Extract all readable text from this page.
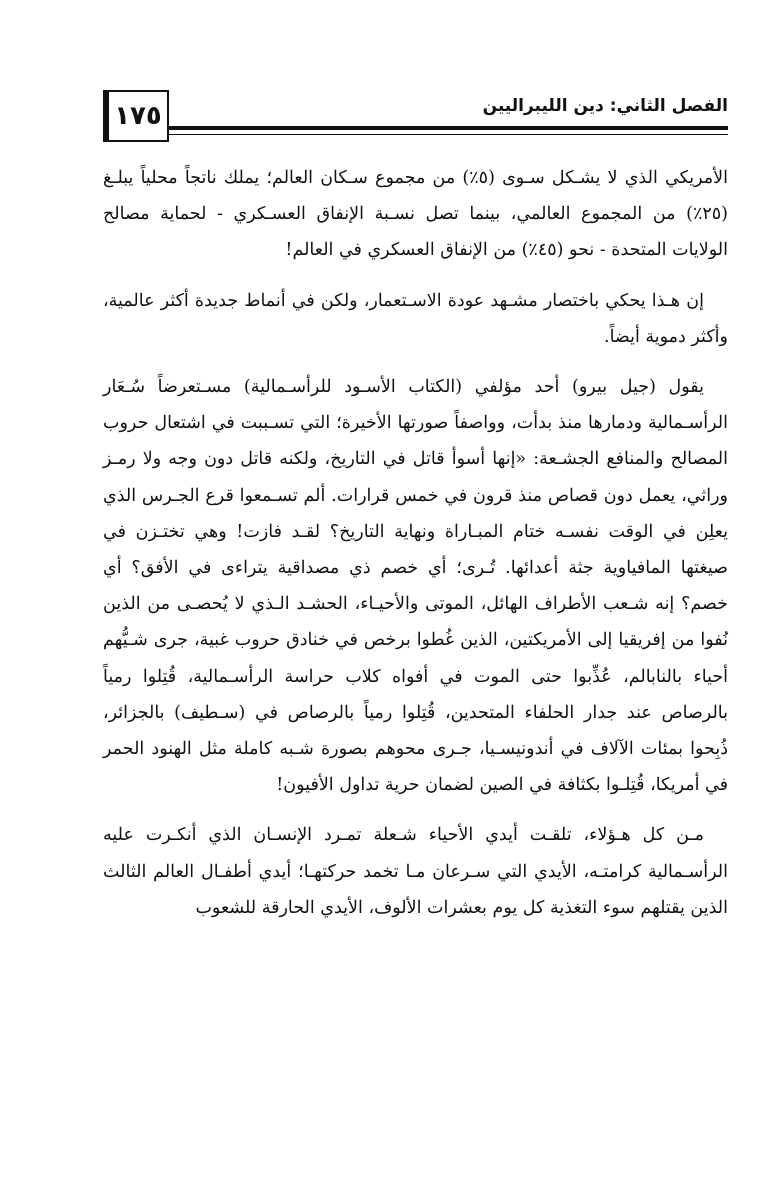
١٧٥	الفصل الثاني: دين الليبراليين

الأمريكي الذي لا يشـكل سـوى (٥٪) من مجموع سـكان العالم؛ يملك ناتجاً محلياً يبلـغ (٢٥٪) من المجموع العالمي، بينما تصل نسـبة الإنفاق العسـكري - لحماية مصالح الولايات المتحدة - نحو (٤٥٪) من الإنفاق العسكري في العالم!

إن هـذا يحكي باختصار مشـهد عودة الاسـتعمار، ولكن في أنماط جديدة أكثر عالمية، وأكثر دموية أيضاً.

يقول (جيل بيرو) أحد مؤلفي (الكتاب الأسـود للرأسـمالية) مسـتعرضاً سُـعَار الرأسـمالية ودمارها منذ بدأت، وواصفاً صورتها الأخيرة؛ التي تسـببت في اشتعال حروب المصالح والمنافع الجشـعة: «إنها أسوأ قاتل في التاريخ، ولكنه قاتل دون وجه ولا رمـز وراثي، يعمل دون قصاص منذ قرون في خمس قرارات. ألم تسـمعوا قرع الجـرس الذي يعلِن في الوقت نفسـه ختام المبـاراة ونهاية التاريخ؟ لقـد فازت! وهي تختـزن في صيغتها المافياوية جثة أعدائها. تُـرى؛ أي خصم ذي مصداقية يتراءى في الأفق؟ أي خصم؟ إنه شـعب الأطراف الهائل، الموتى والأحيـاء، الحشـد الـذي لا يُحصـى من الذين نُفوا من إفريقيا إلى الأمريكتين، الذين غُطوا برخص في خنادق حروب غبية، جرى شـيُّهم أحياء بالنابالم، عُذِّبوا حتى الموت في أفواه كلاب حراسة الرأسـمالية، قُتِلوا رمياً بالرصاص عند جدار الحلفاء المتحدين، قُتِلوا رمياً بالرصاص في (سـطيف) بالجزائر، ذُبِحوا بمئات الآلاف في أندونيسـيا، جـرى محوهم بصورة شـبه كاملة مثل الهنود الحمر في أمريكا، قُتِلـوا بكثافة في الصين لضمان حرية تداول الأفيون!

مـن كل هـؤلاء، تلقـت أيدي الأحياء شـعلة تمـرد الإنسـان الذي أنكـرت عليه الرأسـمالية كرامتـه، الأيدي التي سـرعان مـا تخمد حركتهـا؛ أيدي أطفـال العالم الثالث الذين يقتلهم سوء التغذية كل يوم بعشرات الألوف، الأيدي الحارقة للشعوب
